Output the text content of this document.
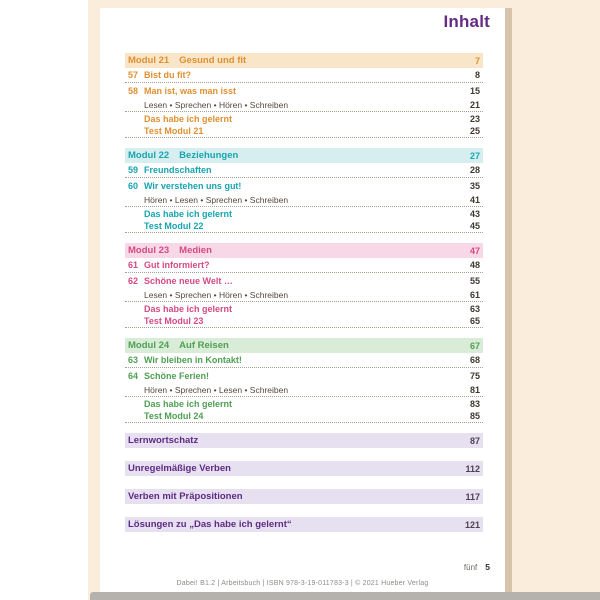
Inhalt
Modul 21 Gesund und fit	7
57 Bist du fit?	8
58 Man ist, was man isst	15
Lesen • Sprechen • Hören • Schreiben	21
Das habe ich gelernt	23
Test Modul 21	25
Modul 22 Beziehungen	27
59 Freundschaften	28
60 Wir verstehen uns gut!	35
Hören • Lesen • Sprechen • Schreiben	41
Das habe ich gelernt	43
Test Modul 22	45
Modul 23 Medien	47
61 Gut informiert?	48
62 Schöne neue Welt …	55
Lesen • Sprechen • Hören • Schreiben	61
Das habe ich gelernt	63
Test Modul 23	65
Modul 24 Auf Reisen	67
63 Wir bleiben in Kontakt!	68
64 Schöne Ferien!	75
Hören • Sprechen • Lesen • Schreiben	81
Das habe ich gelernt	83
Test Modul 24	85
Lernwortschatz	87
Unregelmäßige Verben	112
Verben mit Präpositionen	117
Lösungen zu „Das habe ich gelernt“	121
fünf 5
Dabei! B1.2 | Arbeitsbuch | ISBN 978-3-19-011783-3 | © 2021 Hueber Verlag
